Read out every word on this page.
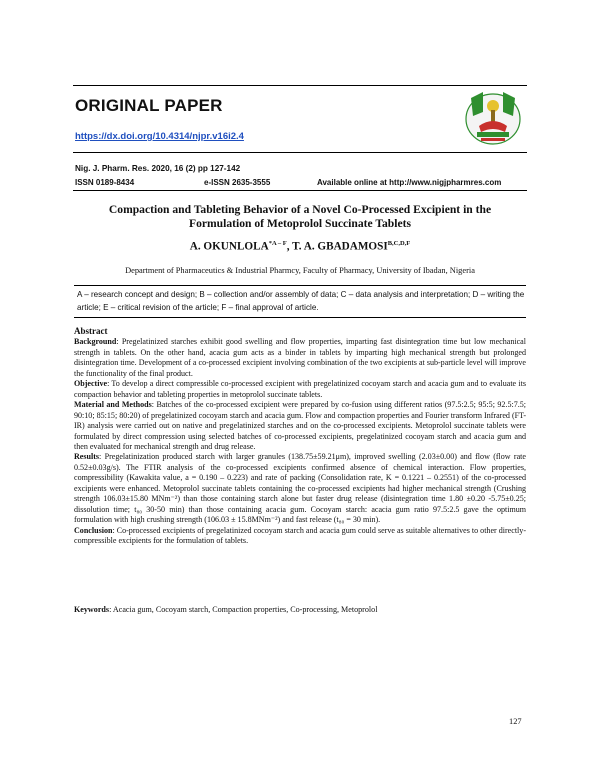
ORIGINAL PAPER
https://dx.doi.org/10.4314/njpr.v16i2.4
Nig. J. Pharm. Res. 2020, 16 (2) pp 127-142
ISSN 0189-8434	e-ISSN 2635-3555	Available online at http://www.nigjpharmres.com
Compaction and Tableting Behavior of a Novel Co-Processed Excipient in the
Formulation of Metoprolol Succinate Tablets
A. $OKUNLOLA^{*A - F}$, T. A. $GBADAMOSI^{B,C,D,F}$
Department of Pharmaceutics & Industrial Pharmcy, Faculty of Pharmacy, University of Ibadan, Nigeria
A – research concept and design; B – collection and/or assembly of data; C – data analysis and interpretation; D – writing the article; E – critical revision of the article; F – final approval of article.
Abstract

Background: Pregelatinized starches exhibit good swelling and flow properties, imparting fast disintegration time but low mechanical strength in tablets. On the other hand, acacia gum acts as a binder in tablets by imparting high mechanical strength but prolonged disintegration time. Development of a co-processed excipient involving combination of the two excipients at sub-particle level will improve the functionality of the final product.

Objective: To develop a direct compressible co-processed excipient with pregelatinized cocoyam starch and acacia gum and to evaluate its compaction behavior and tableting properties in metoprolol succinate tablets.

Material and Methods: Batches of the co-processed excipient were prepared by co-fusion using different ratios (97.5:2.5; 95:5; 92.5:7.5; 90:10; 85:15; 80:20) of pregelatinized cocoyam starch and acacia gum. Flow and compaction properties and Fourier transform Infrared (FT-IR) analysis were carried out on native and pregelatinized starches and on the co-processed excipients. Metoprolol succinate tablets were formulated by direct compression using selected batches of co-processed excipients, pregelatinized cocoyam starch and acacia gum and then evaluated for mechanical strength and drug release.

Results: Pregelatinization produced starch with larger granules (138.75±59.21μm), improved swelling (2.03±0.00) and flow (flow rate 0.52±0.03g/s). The FTIR analysis of the co-processed excipients confirmed absence of chemical interaction. Flow properties, compressibility (Kawakita value, a = 0.190 – 0.223) and rate of packing (Consolidation rate, K = 0.1221 – 0.2551) of the co-processed excipients were enhanced. Metoprolol succinate tablets containing the co-processed excipients had higher mechanical strength (Crushing strength 106.03±15.80 MNm⁻²) than those containing starch alone but faster drug release (disintegration time 1.80 ±0.20 -5.75±0.25; dissolution time; t₈₀ 30-50 min) than those containing acacia gum. Cocoyam starch: acacia gum ratio 97.5:2.5 gave the optimum formulation with high crushing strength (106.03 ± 15.8MNm⁻²) and fast release (t₈₀ = 30 min).

Conclusion: Co-processed excipients of pregelatinized cocoyam starch and acacia gum could serve as suitable alternatives to other directly-compressible excipients for the formulation of tablets.

Keywords: Acacia gum, Cocoyam starch, Compaction properties, Co-processing, Metoprolol
127
